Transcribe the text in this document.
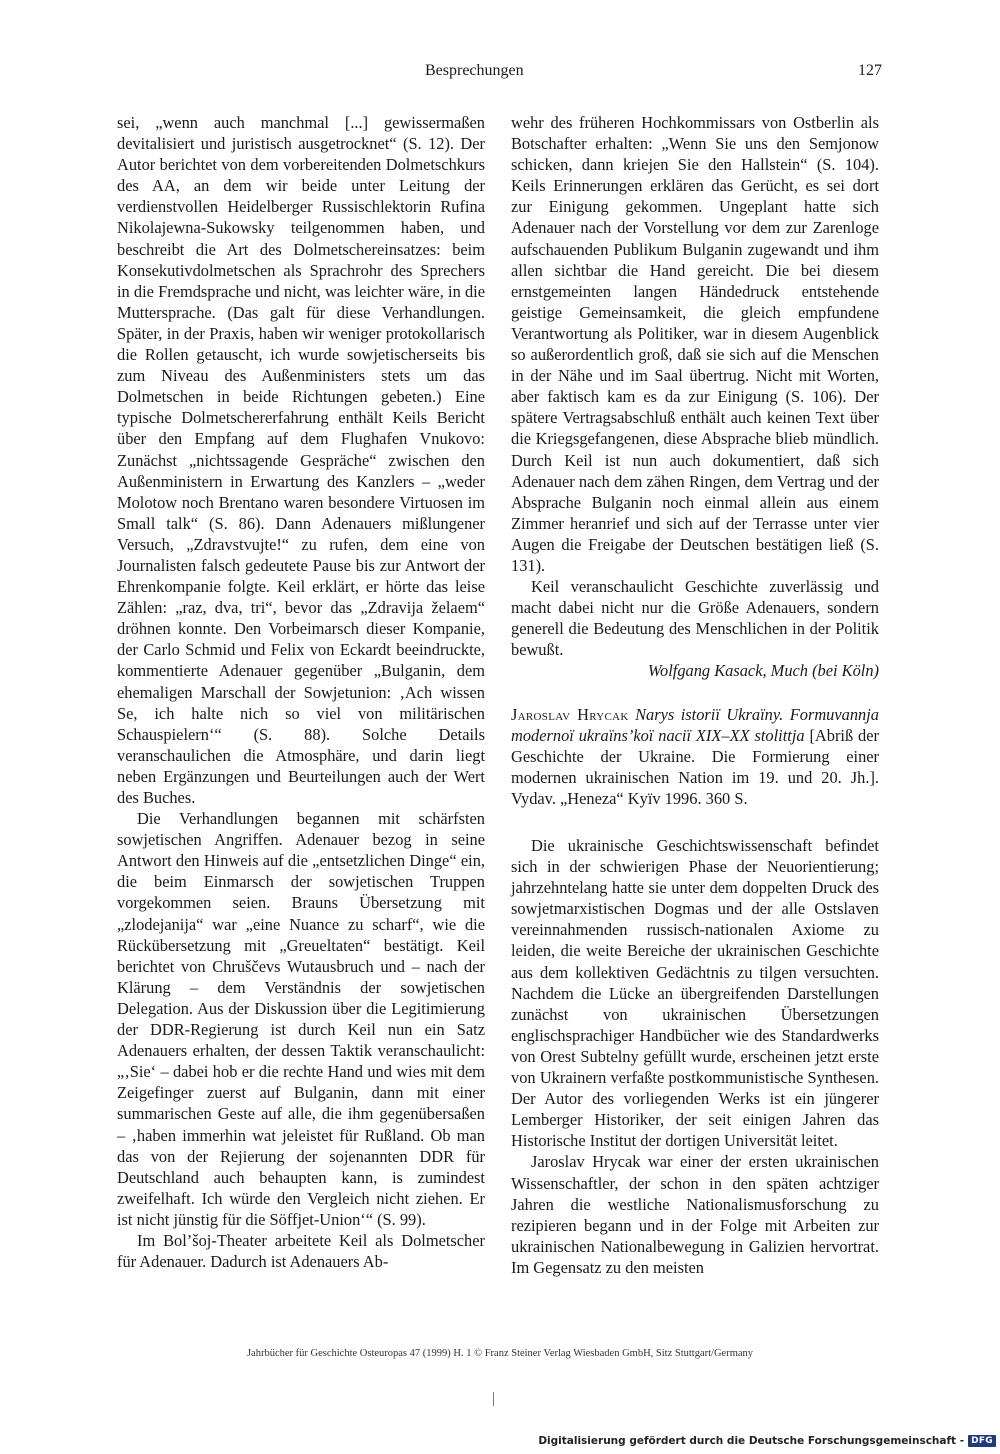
Besprechungen	127

sei, „wenn auch manchmal [...] gewissermaßen devitalisiert und juristisch ausgetrocknet“ (S. 12). Der Autor berichtet von dem vorbereitenden Dolmetschkurs des AA, an dem wir beide unter Leitung der verdienstvollen Heidelberger Russischlektorin Rufina Nikolajewna-Sukowsky teilgenommen haben, und beschreibt die Art des Dolmetschereinsatzes: beim Konsekutivdolmetschen als Sprachrohr des Sprechers in die Fremdsprache und nicht, was leichter wäre, in die Muttersprache. (Das galt für diese Verhandlungen. Später, in der Praxis, haben wir weniger protokollarisch die Rollen getauscht, ich wurde sowjetischerseits bis zum Niveau des Außenministers stets um das Dolmetschen in beide Richtungen gebeten.) Eine typische Dolmetschererfahrung enthält Keils Bericht über den Empfang auf dem Flughafen Vnukovo: Zunächst „nichtssagende Gespräche“ zwischen den Außenministern in Erwartung des Kanzlers – „weder Molotow noch Brentano waren besondere Virtuosen im Small talk“ (S. 86). Dann Adenauers mißlungener Versuch, „Zdravstvujte!“ zu rufen, dem eine von Journalisten falsch gedeutete Pause bis zur Antwort der Ehrenkompanie folgte. Keil erklärt, er hörte das leise Zählen: „raz, dva, tri“, bevor das „Zdravija želaem“ dröhnen konnte. Den Vorbeimarsch dieser Kompanie, der Carlo Schmid und Felix von Eckardt beeindruckte, kommentierte Adenauer gegenüber „Bulganin, dem ehemaligen Marschall der Sowjetunion: ‚Ach wissen Se, ich halte nich so viel von militärischen Schauspielern‘“ (S. 88). Solche Details veranschaulichen die Atmosphäre, und darin liegt neben Ergänzungen und Beurteilungen auch der Wert des Buches.

Die Verhandlungen begannen mit schärfsten sowjetischen Angriffen. Adenauer bezog in seine Antwort den Hinweis auf die „entsetzlichen Dinge“ ein, die beim Einmarsch der sowjetischen Truppen vorgekommen seien. Brauns Übersetzung mit „zlodejanija“ war „eine Nuance zu scharf“, wie die Rückübersetzung mit „Greueltaten“ bestätigt. Keil berichtet von Chruščevs Wutausbruch und – nach der Klärung – dem Verständnis der sowjetischen Delegation. Aus der Diskussion über die Legitimierung der DDR-Regierung ist durch Keil nun ein Satz Adenauers erhalten, der dessen Taktik veranschaulicht: „‚Sie‘ – dabei hob er die rechte Hand und wies mit dem Zeigefinger zuerst auf Bulganin, dann mit einer summarischen Geste auf alle, die ihm gegenübersaßen – ‚haben immerhin wat jeleistet für Rußland. Ob man das von der Rejierung der sojenannten DDR für Deutschland auch behaupten kann, is zumindest zweifelhaft. Ich würde den Vergleich nicht ziehen. Er ist nicht jünstig für die Söffjet-Union‘“ (S. 99).

Im Bol’šoj-Theater arbeitete Keil als Dolmetscher für Adenauer. Dadurch ist Adenauers Ab-

wehr des früheren Hochkommissars von Ostberlin als Botschafter erhalten: „Wenn Sie uns den Semjonow schicken, dann kriejen Sie den Hallstein“ (S. 104). Keils Erinnerungen erklären das Gerücht, es sei dort zur Einigung gekommen. Ungeplant hatte sich Adenauer nach der Vorstellung vor dem zur Zarenloge aufschauenden Publikum Bulganin zugewandt und ihm allen sichtbar die Hand gereicht. Die bei diesem ernstgemeinten langen Händedruck entstehende geistige Gemeinsamkeit, die gleich empfundene Verantwortung als Politiker, war in diesem Augenblick so außerordentlich groß, daß sie sich auf die Menschen in der Nähe und im Saal übertrug. Nicht mit Worten, aber faktisch kam es da zur Einigung (S. 106). Der spätere Vertragsabschluß enthält auch keinen Text über die Kriegsgefangenen, diese Absprache blieb mündlich. Durch Keil ist nun auch dokumentiert, daß sich Adenauer nach dem zähen Ringen, dem Vertrag und der Absprache Bulganin noch einmal allein aus einem Zimmer heranrief und sich auf der Terrasse unter vier Augen die Freigabe der Deutschen bestätigen ließ (S. 131).

Keil veranschaulicht Geschichte zuverlässig und macht dabei nicht nur die Größe Adenauers, sondern generell die Bedeutung des Menschlichen in der Politik bewußt.

Wolfgang Kasack, Much (bei Köln)

Jaroslav Hrycak Narys istoriï Ukraïny. Formuvannja modernoï ukraïns’koï naciï XIX–XX stolittja [Abriß der Geschichte der Ukraine. Die Formierung einer modernen ukrainischen Nation im 19. und 20. Jh.]. Vydav. „Heneza“ Kyïv 1996. 360 S.

Die ukrainische Geschichtswissenschaft befindet sich in der schwierigen Phase der Neuorientierung; jahrzehntelang hatte sie unter dem doppelten Druck des sowjetmarxistischen Dogmas und der alle Ostslaven vereinnahmenden russisch-nationalen Axiome zu leiden, die weite Bereiche der ukrainischen Geschichte aus dem kollektiven Gedächtnis zu tilgen versuchten. Nachdem die Lücke an übergreifenden Darstellungen zunächst von ukrainischen Übersetzungen englischsprachiger Handbücher wie des Standardwerks von Orest Subtelny gefüllt wurde, erscheinen jetzt erste von Ukrainern verfaßte postkommunistische Synthesen. Der Autor des vorliegenden Werks ist ein jüngerer Lemberger Historiker, der seit einigen Jahren das Historische Institut der dortigen Universität leitet.

Jaroslav Hrycak war einer der ersten ukrainischen Wissenschaftler, der schon in den späten achtziger Jahren die westliche Nationalismusforschung zu rezipieren begann und in der Folge mit Arbeiten zur ukrainischen Nationalbewegung in Galizien hervortrat. Im Gegensatz zu den meisten

Jahrbücher für Geschichte Osteuropas 47 (1999) H. 1 © Franz Steiner Verlag Wiesbaden GmbH, Sitz Stuttgart/Germany
Digitalisierung gefördert durch die Deutsche Forschungsgemeinschaft - DFG
